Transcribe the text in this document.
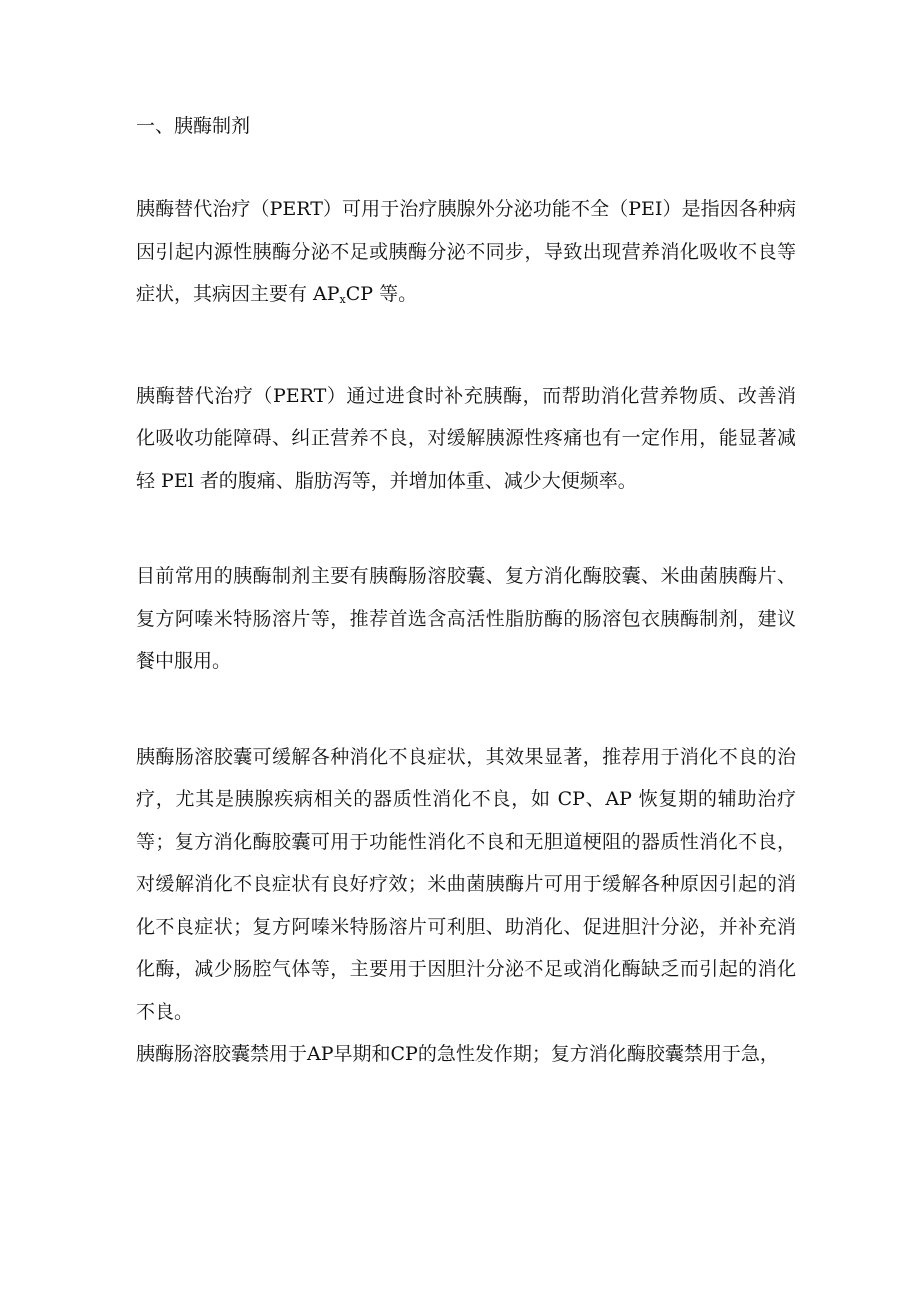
一、胰酶制剂

胰酶替代治疗（PERT）可用于治疗胰腺外分泌功能不全（PEI）是指因各种病因引起内源性胰酶分泌不足或胰酶分泌不同步，导致出现营养消化吸收不良等症状，其病因主要有 $AP_xCP$ 等。

胰酶替代治疗（PERT）通过进食时补充胰酶，而帮助消化营养物质、改善消化吸收功能障碍、纠正营养不良，对缓解胰源性疼痛也有一定作用，能显著减轻 PEl 者的腹痛、脂肪泻等，并增加体重、减少大便频率。

目前常用的胰酶制剂主要有胰酶肠溶胶囊、复方消化酶胶囊、米曲菌胰酶片、复方阿嗪米特肠溶片等，推荐首选含高活性脂肪酶的肠溶包衣胰酶制剂，建议餐中服用。

胰酶肠溶胶囊可缓解各种消化不良症状，其效果显著，推荐用于消化不良的治疗，尤其是胰腺疾病相关的器质性消化不良，如 CP、AP 恢复期的辅助治疗等；复方消化酶胶囊可用于功能性消化不良和无胆道梗阻的器质性消化不良，对缓解消化不良症状有良好疗效；米曲菌胰酶片可用于缓解各种原因引起的消化不良症状；复方阿嗪米特肠溶片可利胆、助消化、促进胆汁分泌，并补充消化酶，减少肠腔气体等，主要用于因胆汁分泌不足或消化酶缺乏而引起的消化不良。

胰酶肠溶胶囊禁用于AP早期和CP的急性发作期；复方消化酶胶囊禁用于急，
